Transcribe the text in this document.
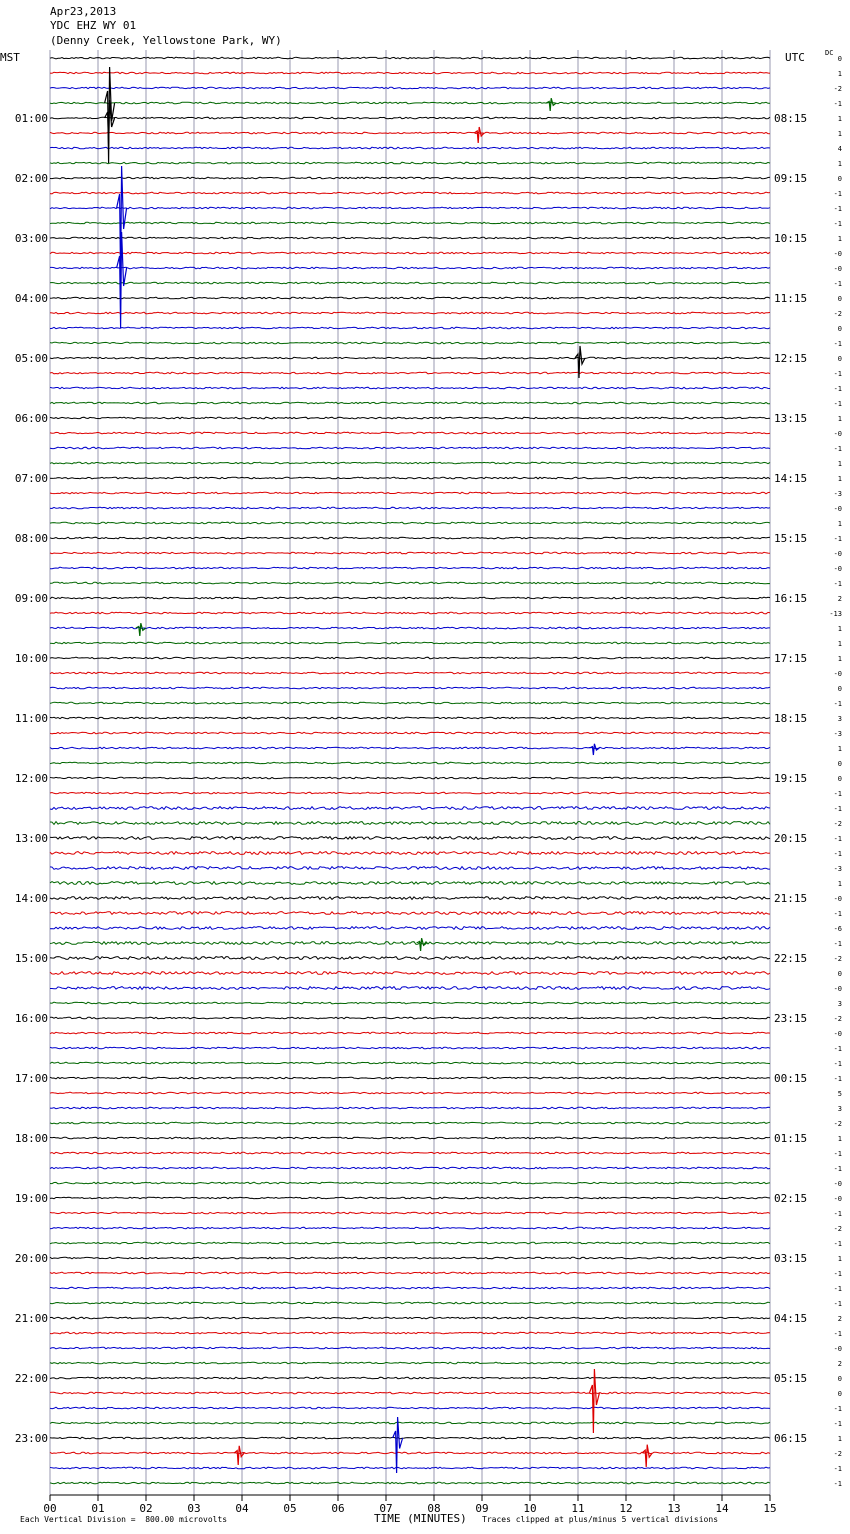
Apr23,2013
YDC EHZ WY 01
(Denny Creek, Yellowstone Park, WY)
MST	UTC	DC
TIME (MINUTES)
Each Vertical Division =  800.00 microvolts	Traces clipped at plus/minus 5 vertical divisions
00	01	02	03	04	05	06	07	08	09	10	11	12	13	14	15
0
1
-2
-1
1
1
4
1
0
-1
-1
-1
1
-0
-0
-1
0
-2
0
-1
0
-1
-1
-1
1
-0
-1
1
1
-3
-0
1
-1
-0
-0
-1
2
-13
1
1
1
-0
0
-1
3
-3
1
0
0
-1
-1
-2
-1
-1
-3
1
-0
-1
-6
-1
-2
0
-0
3
-2
-0
-1
-1
-1
5
3
-2
1
-1
-1
-0
-0
-1
-2
-1
1
-1
-1
-1
2
-1
-0
2
0
0
-1
-1
1
-2
-1
-1
01:00	08:15
02:00	09:15
03:00	10:15
04:00	11:15
05:00	12:15
06:00	13:15
07:00	14:15
08:00	15:15
09:00	16:15
10:00	17:15
11:00	18:15
12:00	19:15
13:00	20:15
14:00	21:15
15:00	22:15
16:00	23:15
17:00	00:15
18:00	01:15
19:00	02:15
20:00	03:15
21:00	04:15
22:00	05:15
23:00	06:15
